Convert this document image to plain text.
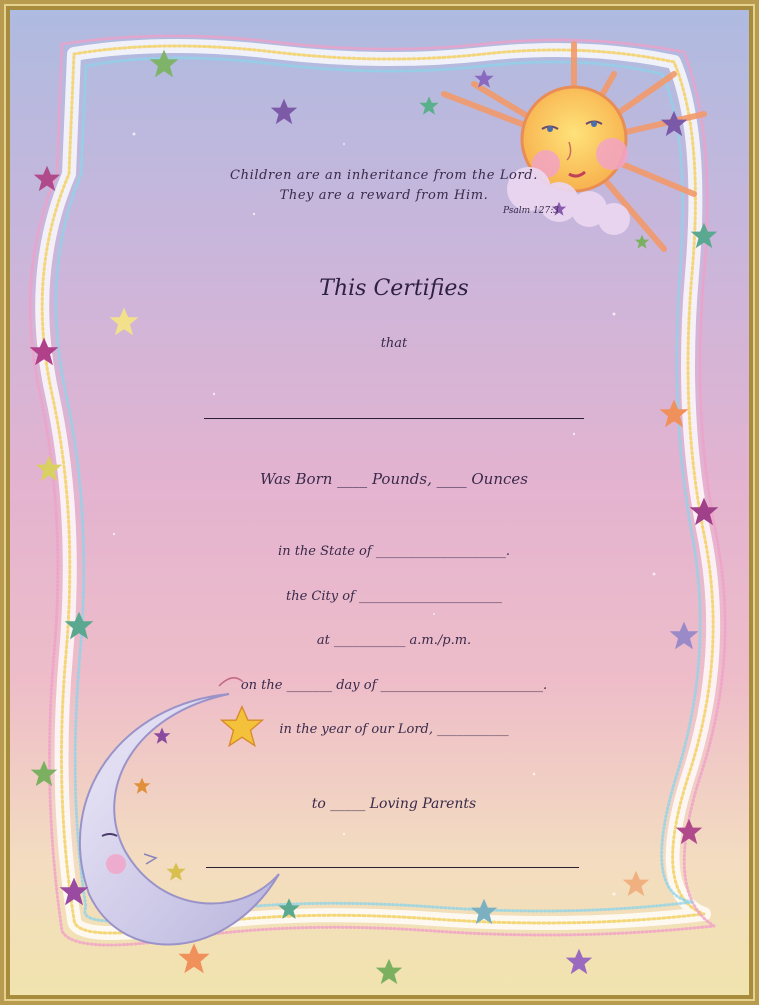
Children are an inheritance from the Lord.
They are a reward from Him.
Psalm 127:3
This Certifies
that
Was Born ____ Pounds, ____ Ounces
in the State of ____________________.
the City of ______________________
at ___________ a.m./p.m.
on the _______ day of _________________________.
in the year of our Lord, ___________
to _____ Loving Parents
